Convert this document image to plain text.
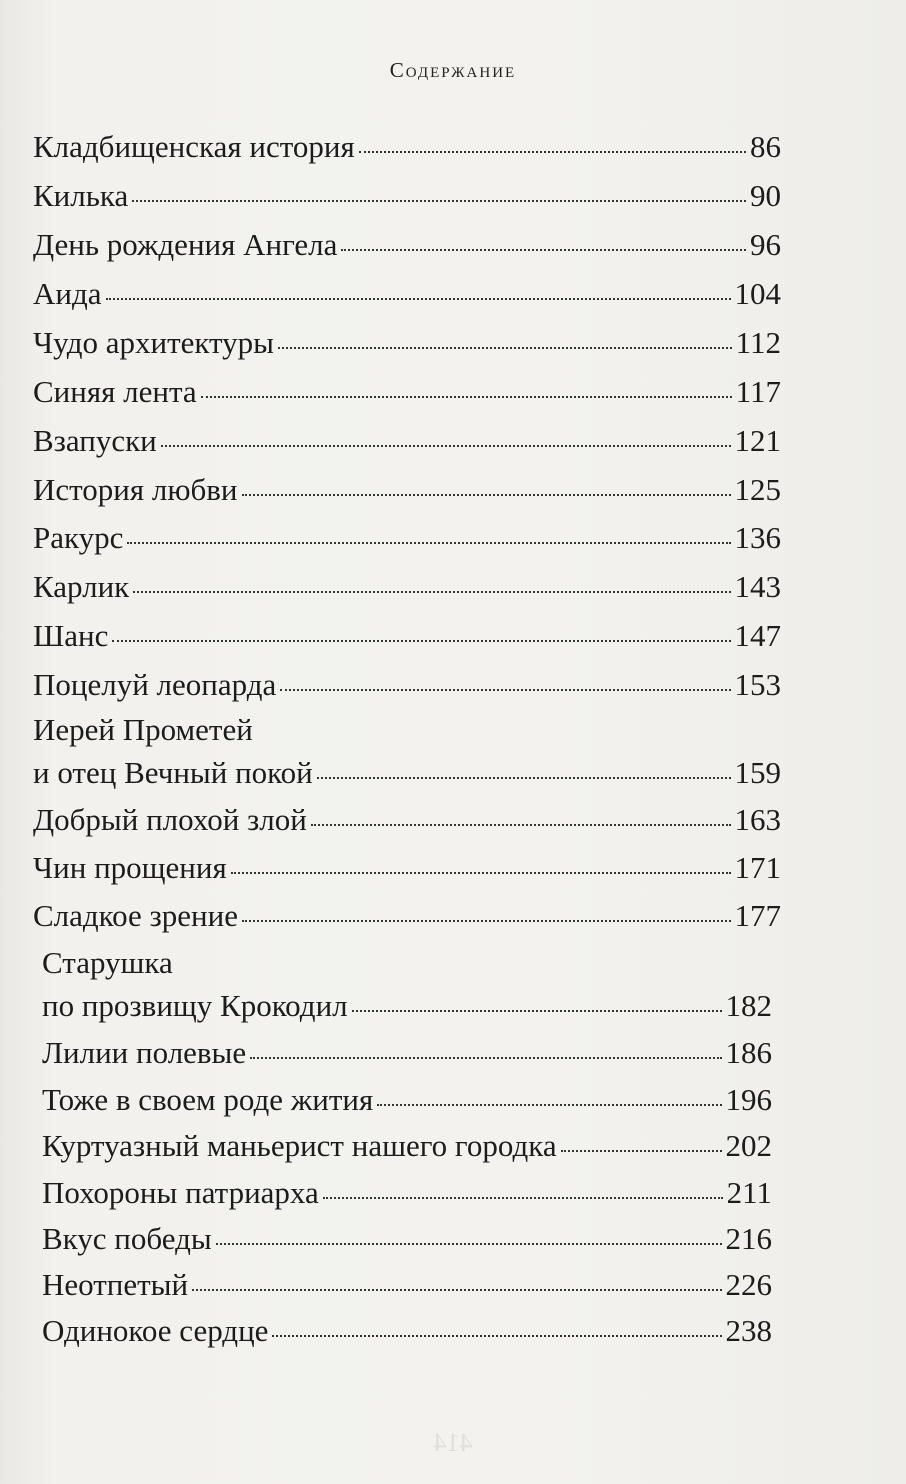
Содержание
Кладбищенская история	86
Килька	90
День рождения Ангела	96
Аида	104
Чудо архитектуры	112
Синяя лента	117
Взапуски	121
История любви	125
Ракурс	136
Карлик	143
Шанс	147
Поцелуй леопарда	153
Иерей Прометей
и отец Вечный покой	159
Добрый плохой злой	163
Чин прощения	171
Сладкое зрение	177
Старушка
по прозвищу Крокодил	182
Лилии полевые	186
Тоже в своем роде жития	196
Куртуазный маньерист нашего городка	202
Похороны патриарха	211
Вкус победы	216
Неотпетый	226
Одинокое сердце	238
414
